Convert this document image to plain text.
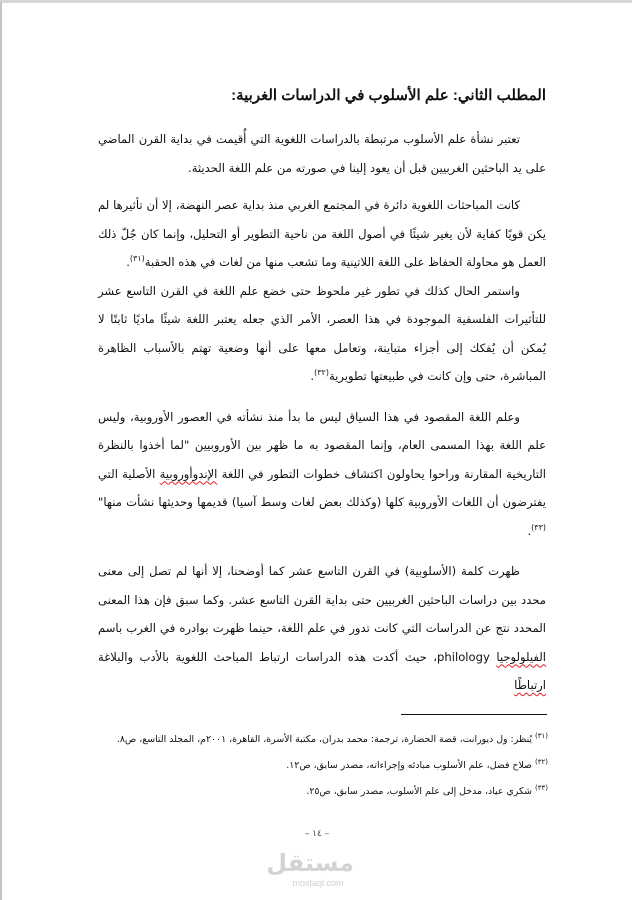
المطلب الثاني: علم الأسلوب في الدراسات الغربية:

تعتبر نشأة علم الأسلوب مرتبطة بالدراسات اللغوية التي أُقيمت في بداية القرن الماضي على يد الباحثين الغربيين قبل أن يعود إلينا في صورته من علم اللغة الحديثة.

كانت المباحثات اللغوية دائرة في المجتمع الغربي منذ بداية عصر النهضة، إلا أن تأثيرها لم يكن قويًا كفاية لأن يغير شيئًا في أصول اللغة من ناحية التطوير أو التحليل، وإنما كان جُلّ ذلك العمل هو محاولة الحفاظ على اللغة اللاتينية وما تشعب منها من لغات في هذه الحقبة$^{(٣١)}$.

واستمر الحال كذلك في تطور غير ملحوظ حتى خضع علم اللغة في القرن التاسع عشر للتأثيرات الفلسفية الموجودة في هذا العصر، الأمر الذي جعله يعتبر اللغة شيئًا ماديًا ثابتًا لا يُمكن أن يُفكك إلى أجزاء متباينة، وتعامل معها على أنها وضعية تهتم بالأسباب الظاهرة المباشرة، حتى وإن كانت في طبيعتها تطويرية$^{(٣٢)}$.

وعلم اللغة المقصود في هذا السياق ليس ما بدأ منذ نشأته في العصور الأوروبية، وليس علم اللغة بهذا المسمى العام، وإنما المقصود به ما ظهر بين الأوروبيين "لما أخذوا بالنظرة التاريخية المقارنة وراحوا يحاولون اكتشاف خطوات التطور في اللغة الإندوأوروبية الأصلية التي يفترضون أن اللغات الأوروبية كلها (وكذلك بعض لغات وسط آسيا) قديمها وحديثها نشأت منها"$^{(٣٣)}$.

ظهرت كلمة (الأسلوبية) في القرن التاسع عشر كما أوضحنا، إلا أنها لم تصل إلى معنى محدد بين دراسات الباحثين الغربيين حتى بداية القرن التاسع عشر. وكما سبق فإن هذا المعنى المحدد نتج عن الدراسات التي كانت تدور في علم اللغة، حينما ظهرت بوادره في الغرب باسم الفيلولوجيا philology، حيث أكدت هذه الدراسات ارتباط المباحث اللغوية بالأدب والبلاغة ارتباطًا

$^{(٣١)}$ يُنظر: ول ديورانت، قصة الحضارة، ترجمة: محمد بدران، مكتبة الأسرة، القاهرة، ٢٠٠١م، المجلد التاسع، ص٨.

$^{(٣٢)}$ صلاح فضل، علم الأسلوب مبادئه وإجراءاته، مصدر سابق، ص١٢.

$^{(٣٣)}$ شكري عياد، مدخل إلى علم الأسلوب، مصدر سابق، ص٢٥.

– ١٤ –
مستقل
mostaql.com
